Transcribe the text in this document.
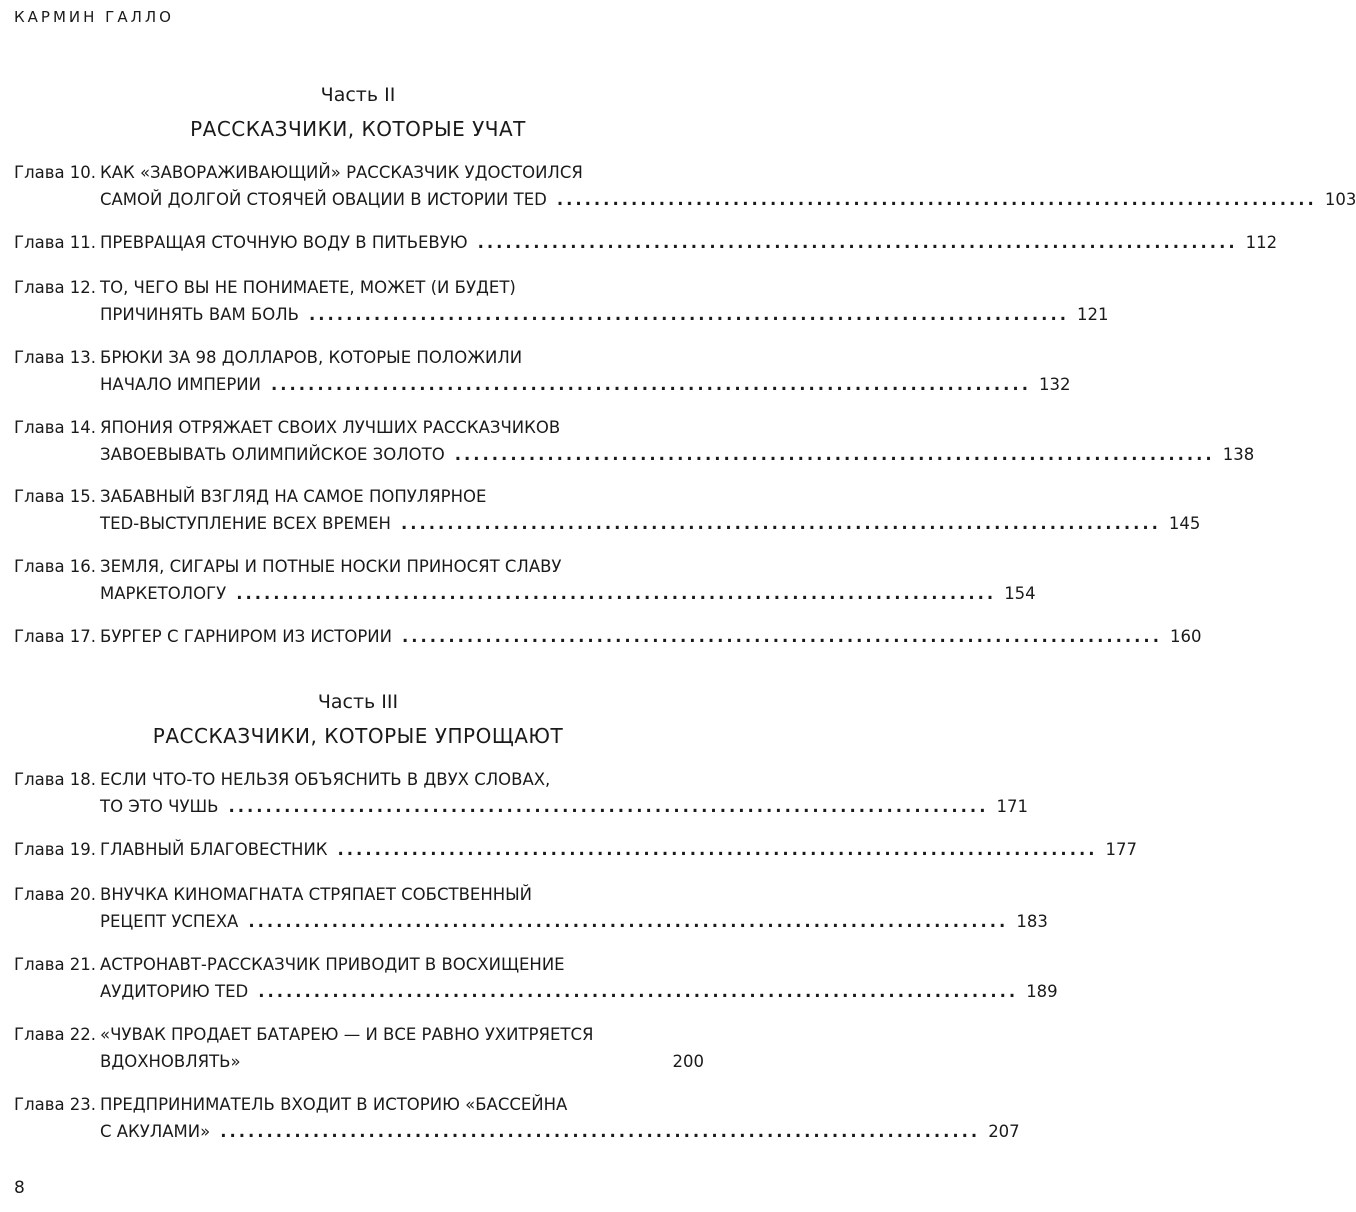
КАРМИН ГАЛЛО
Часть II
РАССКАЗЧИКИ, КОТОРЫЕ УЧАТ
Глава 10. КАК «ЗАВОРАЖИВАЮЩИЙ» РАССКАЗЧИК УДОСТОИЛСЯ
САМОЙ ДОЛГОЙ СТОЯЧЕЙ ОВАЦИИ В ИСТОРИИ TED .................................................................................. 103
Глава 11. ПРЕВРАЩАЯ СТОЧНУЮ ВОДУ В ПИТЬЕВУЮ .................................................................................. 112
Глава 12. ТО, ЧЕГО ВЫ НЕ ПОНИМАЕТЕ, МОЖЕТ (И БУДЕТ)
ПРИЧИНЯТЬ ВАМ БОЛЬ .................................................................................. 121
Глава 13. БРЮКИ ЗА 98 ДОЛЛАРОВ, КОТОРЫЕ ПОЛОЖИЛИ
НАЧАЛО ИМПЕРИИ .................................................................................. 132
Глава 14. ЯПОНИЯ ОТРЯЖАЕТ СВОИХ ЛУЧШИХ РАССКАЗЧИКОВ
ЗАВОЕВЫВАТЬ ОЛИМПИЙСКОЕ ЗОЛОТО .................................................................................. 138
Глава 15. ЗАБАВНЫЙ ВЗГЛЯД НА САМОЕ ПОПУЛЯРНОЕ
TED-ВЫСТУПЛЕНИЕ ВСЕХ ВРЕМЕН .................................................................................. 145
Глава 16. ЗЕМЛЯ, СИГАРЫ И ПОТНЫЕ НОСКИ ПРИНОСЯТ СЛАВУ
МАРКЕТОЛОГУ .................................................................................. 154
Глава 17. БУРГЕР С ГАРНИРОМ ИЗ ИСТОРИИ .................................................................................. 160
Часть III
РАССКАЗЧИКИ, КОТОРЫЕ УПРОЩАЮТ
Глава 18. ЕСЛИ ЧТО-ТО НЕЛЬЗЯ ОБЪЯСНИТЬ В ДВУХ СЛОВАХ,
ТО ЭТО ЧУШЬ .................................................................................. 171
Глава 19. ГЛАВНЫЙ БЛАГОВЕСТНИК .................................................................................. 177
Глава 20. ВНУЧКА КИНОМАГНАТА СТРЯПАЕТ СОБСТВЕННЫЙ
РЕЦЕПТ УСПЕХА .................................................................................. 183
Глава 21. АСТРОНАВТ-РАССКАЗЧИК ПРИВОДИТ В ВОСХИЩЕНИЕ
АУДИТОРИЮ TED .................................................................................. 189
Глава 22. «ЧУВАК ПРОДАЕТ БАТАРЕЮ — И ВСЕ РАВНО УХИТРЯЕТСЯ
ВДОХНОВЛЯТЬ»	200
Глава 23. ПРЕДПРИНИМАТЕЛЬ ВХОДИТ В ИСТОРИЮ «БАССЕЙНА
С АКУЛАМИ» .................................................................................. 207
8
